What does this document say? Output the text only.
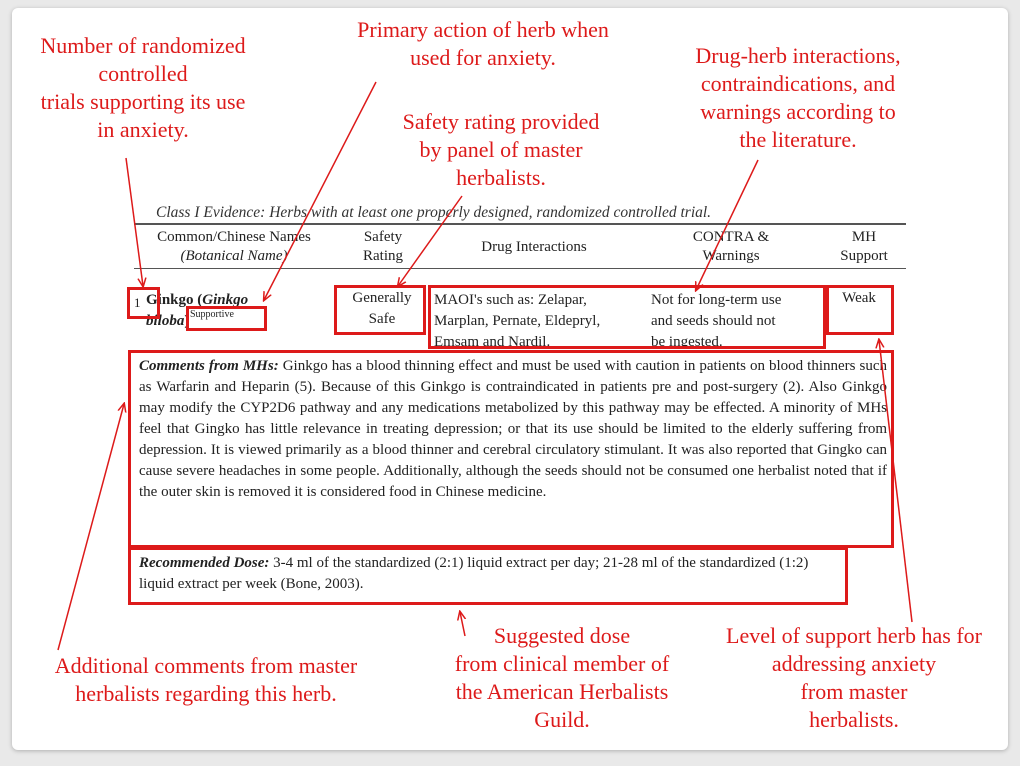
Number of randomized
controlled
trials supporting its use
in anxiety.
Primary action of herb when
used for anxiety.
Safety rating provided
by panel of master
herbalists.
Drug-herb interactions,
contraindications, and
warnings according to
the literature.
Additional comments from master
herbalists regarding this herb.
Suggested dose
from clinical member of
the American Herbalists
Guild.
Level of support herb has for
addressing anxiety
from master
herbalists.
Class I Evidence: Herbs with at least one properly designed, randomized controlled trial.
Common/Chinese Names
(Botanical Name)
Safety
Rating
Drug Interactions
CONTRA &
Warnings
MH
Support
1 Ginkgo (Ginkgo
biloba) Supportive
Generally
Safe
MAOI's such as: Zelapar,
Marplan, Pernate, Eldepryl,
Emsam and Nardil.
Not for long-term use
and seeds should not
be ingested.
Weak
Comments from MHs: Ginkgo has a blood thinning effect and must be used with caution in patients on blood thinners such as Warfarin and Heparin (5). Because of this Ginkgo is contraindicated in patients pre and post-surgery (2). Also Ginkgo may modify the CYP2D6 pathway and any medications metabolized by this pathway may be effected. A minority of MHs feel that Gingko has little relevance in treating depression; or that its use should be limited to the elderly suffering from depression. It is viewed primarily as a blood thinner and cerebral circulatory stimulant. It was also reported that Gingko can cause severe headaches in some people. Additionally, although the seeds should not be consumed one herbalist noted that if the outer skin is removed it is considered food in Chinese medicine.
Recommended Dose: 3-4 ml of the standardized (2:1) liquid extract per day; 21-28 ml of the standardized (1:2) liquid extract per week (Bone, 2003).
